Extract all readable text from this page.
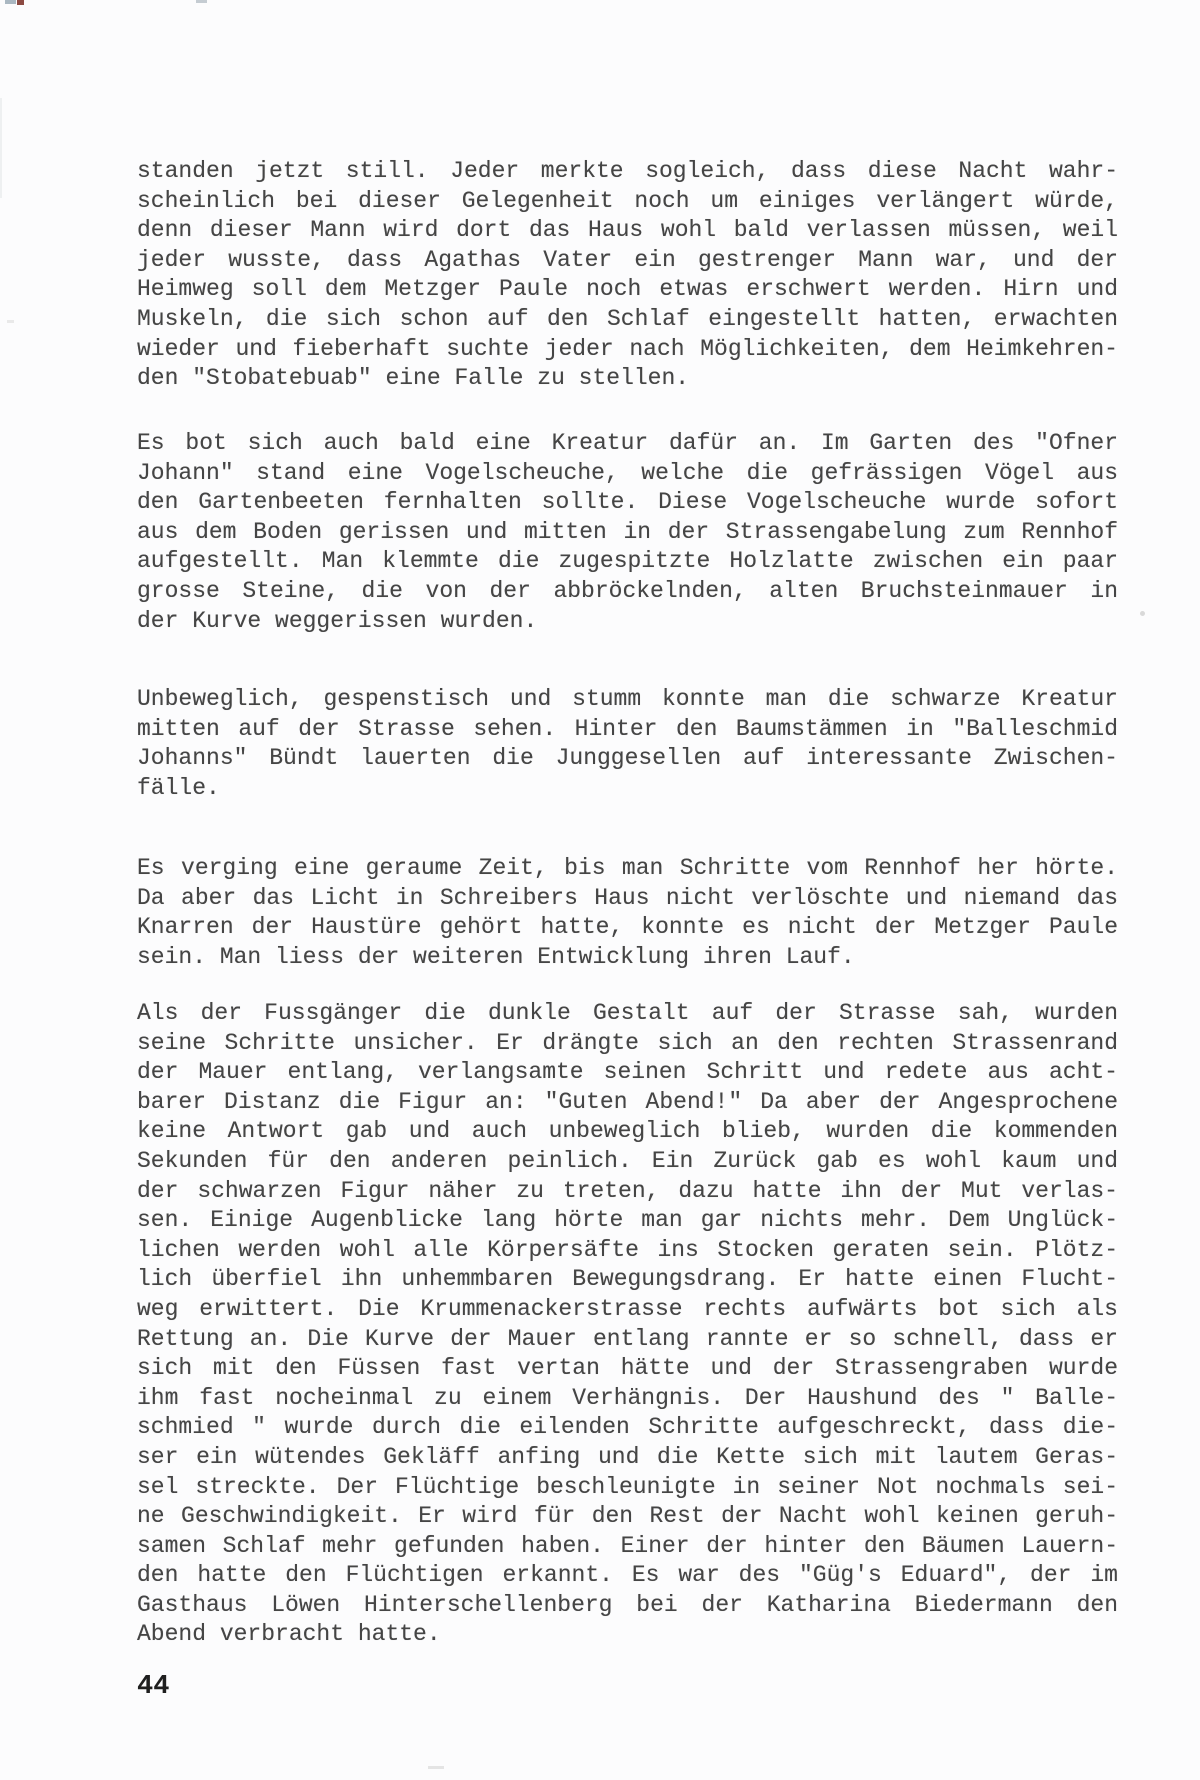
standen jetzt still. Jeder merkte sogleich, dass diese Nacht wahr-
scheinlich bei dieser Gelegenheit noch um einiges verlängert würde,
denn dieser Mann wird dort das Haus wohl bald verlassen müssen, weil
jeder wusste, dass Agathas Vater ein gestrenger Mann war, und der
Heimweg soll dem Metzger Paule noch etwas erschwert werden. Hirn und
Muskeln, die sich schon auf den Schlaf eingestellt hatten, erwachten
wieder und fieberhaft suchte jeder nach Möglichkeiten, dem Heimkehren-
den "Stobatebuab" eine Falle zu stellen.
Es bot sich auch bald eine Kreatur dafür an. Im Garten des "Ofner
Johann" stand eine Vogelscheuche, welche die gefrässigen Vögel aus
den Gartenbeeten fernhalten sollte. Diese Vogelscheuche wurde sofort
aus dem Boden gerissen und mitten in der Strassengabelung zum Rennhof
aufgestellt. Man klemmte die zugespitzte Holzlatte zwischen ein paar
grosse Steine, die von der abbröckelnden, alten Bruchsteinmauer in
der Kurve weggerissen wurden.
Unbeweglich, gespenstisch und stumm konnte man die schwarze Kreatur
mitten auf der Strasse sehen. Hinter den Baumstämmen in "Balleschmid
Johanns" Bündt lauerten die Junggesellen auf interessante Zwischen-
fälle.
Es verging eine geraume Zeit, bis man Schritte vom Rennhof her hörte.
Da aber das Licht in Schreibers Haus nicht verlöschte und niemand das
Knarren der Haustüre gehört hatte, konnte es nicht der Metzger Paule
sein. Man liess der weiteren Entwicklung ihren Lauf.
Als der Fussgänger die dunkle Gestalt auf der Strasse sah, wurden
seine Schritte unsicher. Er drängte sich an den rechten Strassenrand
der Mauer entlang, verlangsamte seinen Schritt und redete aus acht-
barer Distanz die Figur an: "Guten Abend!" Da aber der Angesprochene
keine Antwort gab und auch unbeweglich blieb, wurden die kommenden
Sekunden für den anderen peinlich. Ein Zurück gab es wohl kaum und
der schwarzen Figur näher zu treten, dazu hatte ihn der Mut verlas-
sen. Einige Augenblicke lang hörte man gar nichts mehr. Dem Unglück-
lichen werden wohl alle Körpersäfte ins Stocken geraten sein. Plötz-
lich überfiel ihn unhemmbaren Bewegungsdrang. Er hatte einen Flucht-
weg erwittert. Die Krummenackerstrasse rechts aufwärts bot sich als
Rettung an. Die Kurve der Mauer entlang rannte er so schnell, dass er
sich mit den Füssen fast vertan hätte und der Strassengraben wurde
ihm fast nocheinmal zu einem Verhängnis. Der Haushund des " Balle-
schmied " wurde durch die eilenden Schritte aufgeschreckt, dass die-
ser ein wütendes Gekläff anfing und die Kette sich mit lautem Geras-
sel streckte. Der Flüchtige beschleunigte in seiner Not nochmals sei-
ne Geschwindigkeit. Er wird für den Rest der Nacht wohl keinen geruh-
samen Schlaf mehr gefunden haben. Einer der hinter den Bäumen Lauern-
den hatte den Flüchtigen erkannt. Es war des "Güg's Eduard", der im
Gasthaus Löwen Hinterschellenberg bei der Katharina Biedermann den
Abend verbracht hatte.
44
